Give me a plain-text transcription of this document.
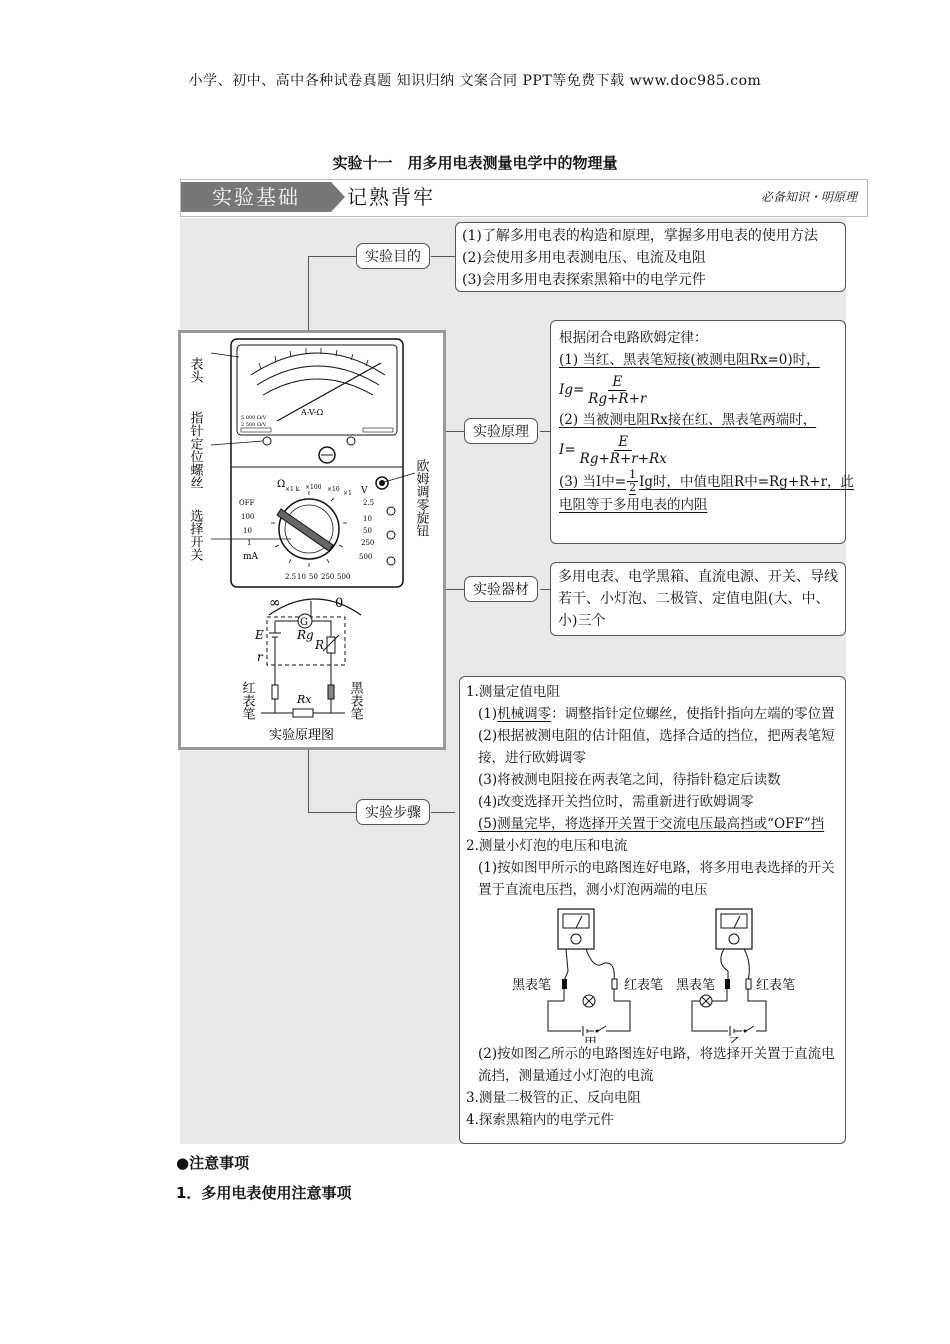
小学、初中、高中各种试卷真题 知识归纳 文案合同 PPT等免费下载 www.doc985.com
实验十一　用多用电表测量电学中的物理量
实验基础	记熟背牢	必备知识・明原理
实验目的
实验原理
实验器材
实验步骤
(1)了解多用电表的构造和原理，掌握多用电表的使用方法
(2)会使用多用电表测电压、电流及电阻
(3)会用多用电表探索黑箱中的电学元件
根据闭合电路欧姆定律：
(1) 当红、黑表笔短接(被测电阻Rx=0)时，
$Ig= \frac{E}{Rg+R+r}$
(2) 当被测电阻Rx接在红、黑表笔两端时，
$I= \frac{E}{Rg+R+r+Rx}$
(3) 当I中= $\frac{1}{2}$ Ig时，中值电阻R中=Rg+R+r，此
电阻等于多用电表的内阻
多用电表、电学黑箱、直流电源、开关、导线若干、小灯泡、二极管、定值电阻(大、中、小)三个
1.测量定值电阻
(1)机械调零：调整指针定位螺丝，使指针指向左端的零位置
(2)根据被测电阻的估计阻值，选择合适的挡位，把两表笔短接，进行欧姆调零
(3)将被测电阻接在两表笔之间，待指针稳定后读数
(4)改变选择开关挡位时，需重新进行欧姆调零
(5)测量完毕，将选择开关置于交流电压最高挡或“OFF”挡
2.测量小灯泡的电压和电流
(1)按如图甲所示的电路图连好电路，将多用电表选择的开关置于直流电压挡，测小灯泡两端的电压
黑表笔	红表笔 黑表笔	红表笔
(2)按如图乙所示的电路图连好电路，将选择开关置于直流电流挡，测量通过小灯泡的电流
3.测量二极管的正、反向电阻
4.探索黑箱内的电学元件
A-V-Ω
5 000 Ω/V
2 500 Ω/V
Ω ×1 k ×100 ×10
×1 V
OFF
100
10
1
mA
2.5
10
50
250
500
2.5 10 50 250 500
表头
指针定位螺丝
选择开关	欧姆调零旋钮
∞	0
G
Rg
R
E
r
Rx
红表笔	黑表笔
实验原理图
●注意事项
1．多用电表使用注意事项
